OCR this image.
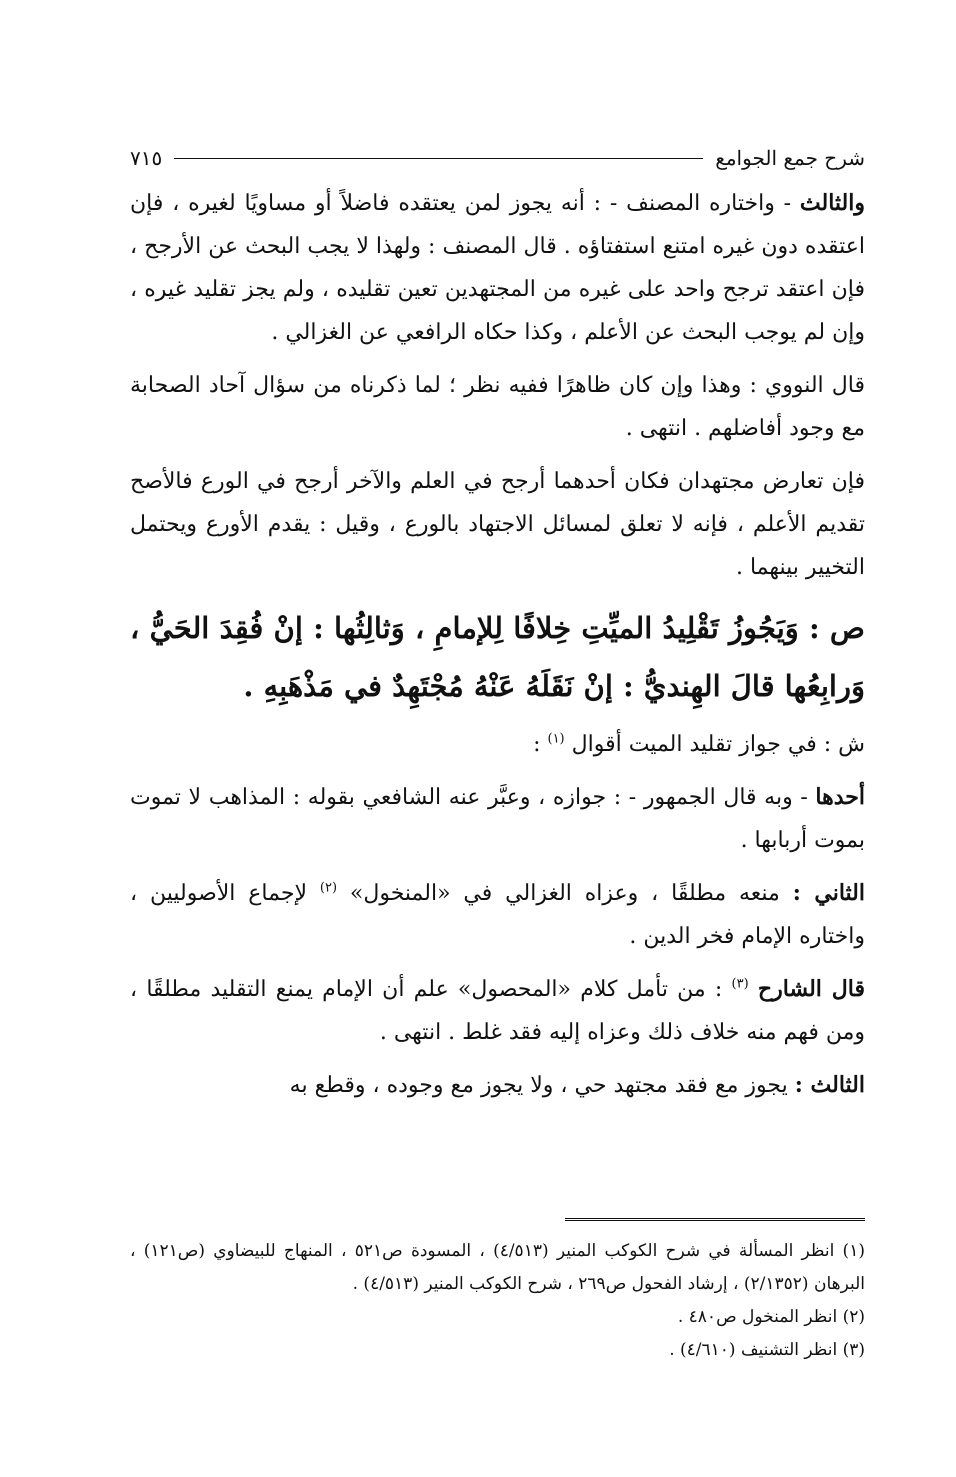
شرح جمع الجوامع
٧١٥

والثالث - واختاره المصنف - : أنه يجوز لمن يعتقده فاضلاً أو مساويًا لغيره ، فإن اعتقده دون غيره امتنع استفتاؤه . قال المصنف : ولهذا لا يجب البحث عن الأرجح ، فإن اعتقد ترجح واحد على غيره من المجتهدين تعين تقليده ، ولم يجز تقليد غيره ، وإن لم يوجب البحث عن الأعلم ، وكذا حكاه الرافعي عن الغزالي .

قال النووي : وهذا وإن كان ظاهرًا ففيه نظر ؛ لما ذكرناه من سؤال آحاد الصحابة مع وجود أفاضلهم . انتهى .

فإن تعارض مجتهدان فكان أحدهما أرجح في العلم والآخر أرجح في الورع فالأصح تقديم الأعلم ، فإنه لا تعلق لمسائل الاجتهاد بالورع ، وقيل : يقدم الأورع ويحتمل التخيير بينهما .

ص : وَيَجُوزُ تَقْلِيدُ الميِّتِ خِلافًا لِلإمامِ ، وَثالِثُها : إنْ فُقِدَ الحَيُّ ، وَرابِعُها قالَ الهِنديُّ : إنْ نَقَلَهُ عَنْهُ مُجْتَهِدٌ في مَذْهَبِهِ .

ش : في جواز تقليد الميت أقوال $^{(١)}$ :

أحدها - وبه قال الجمهور - : جوازه ، وعبَّر عنه الشافعي بقوله : المذاهب لا تموت بموت أربابها .

الثاني : منعه مطلقًا ، وعزاه الغزالي في «المنخول» $^{(٢)}$ لإجماع الأصوليين ، واختاره الإمام فخر الدين .

قال الشارح $^{(٣)}$ : من تأمل كلام «المحصول» علم أن الإمام يمنع التقليد مطلقًا ، ومن فهم منه خلاف ذلك وعزاه إليه فقد غلط . انتهى .

الثالث : يجوز مع فقد مجتهد حي ، ولا يجوز مع وجوده ، وقطع به

(١) انظر المسألة في شرح الكوكب المنير (٤/٥١٣) ، المسودة ص٥٢١ ، المنهاج للبيضاوي (ص١٢١) ، البرهان (٢/١٣٥٢) ، إرشاد الفحول ص٢٦٩ ، شرح الكوكب المنير (٤/٥١٣) .
(٢) انظر المنخول ص٤٨٠ .
(٣) انظر التشنيف (٤/٦١٠) .
